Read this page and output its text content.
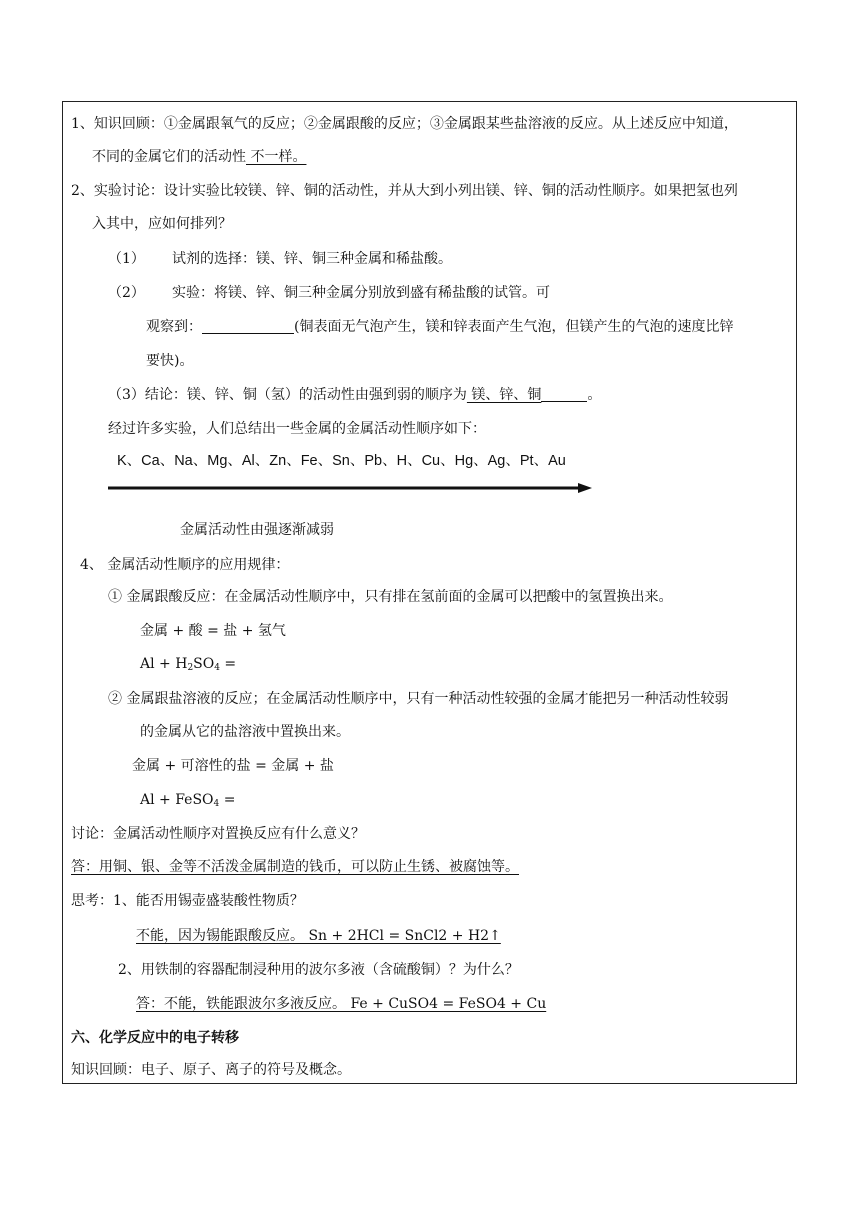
1、知识回顾：①金属跟氧气的反应；②金属跟酸的反应；③金属跟某些盐溶液的反应。从上述反应中知道，
不同的金属它们的活动性 不一样。
2、实验讨论：设计实验比较镁、锌、铜的活动性，并从大到小列出镁、锌、铜的活动性顺序。如果把氢也列
入其中，应如何排列？
（1） 试剂的选择：镁、锌、铜三种金属和稀盐酸。
（2） 实验：将镁、锌、铜三种金属分别放到盛有稀盐酸的试管。可
观察到：	(铜表面无气泡产生，镁和锌表面产生气泡，但镁产生的气泡的速度比锌
要快)。
（3）结论：镁、锌、铜（氢）的活动性由强到弱的顺序为 镁、锌、铜	。
经过许多实验，人们总结出一些金属的金属活动性顺序如下：
K、Ca、Na、Mg、Al、Zn、Fe、Sn、Pb、H、Cu、Hg、Ag、Pt、Au
金属活动性由强逐渐减弱
4、 金属活动性顺序的应用规律：
① 金属跟酸反应：在金属活动性顺序中，只有排在氢前面的金属可以把酸中的氢置换出来。
金属 + 酸 = 盐 + 氢气
$Al + H_2SO_4$ =
② 金属跟盐溶液的反应；在金属活动性顺序中，只有一种活动性较强的金属才能把另一种活动性较弱
的金属从它的盐溶液中置换出来。
金属 + 可溶性的盐 = 金属 + 盐
Al + FeSO$_4$ =
讨论：金属活动性顺序对置换反应有什么意义？
答：用铜、银、金等不活泼金属制造的钱币，可以防止生锈、被腐蚀等。
思考：1、能否用锡壶盛装酸性物质？
不能，因为锡能跟酸反应。 Sn + 2HCl = SnCl2 + H2↑
2、用铁制的容器配制浸种用的波尔多液（含硫酸铜）？为什么？
答：不能，铁能跟波尔多液反应。 Fe + CuSO4 = FeSO4 + Cu
六、化学反应中的电子转移
知识回顾：电子、原子、离子的符号及概念。
